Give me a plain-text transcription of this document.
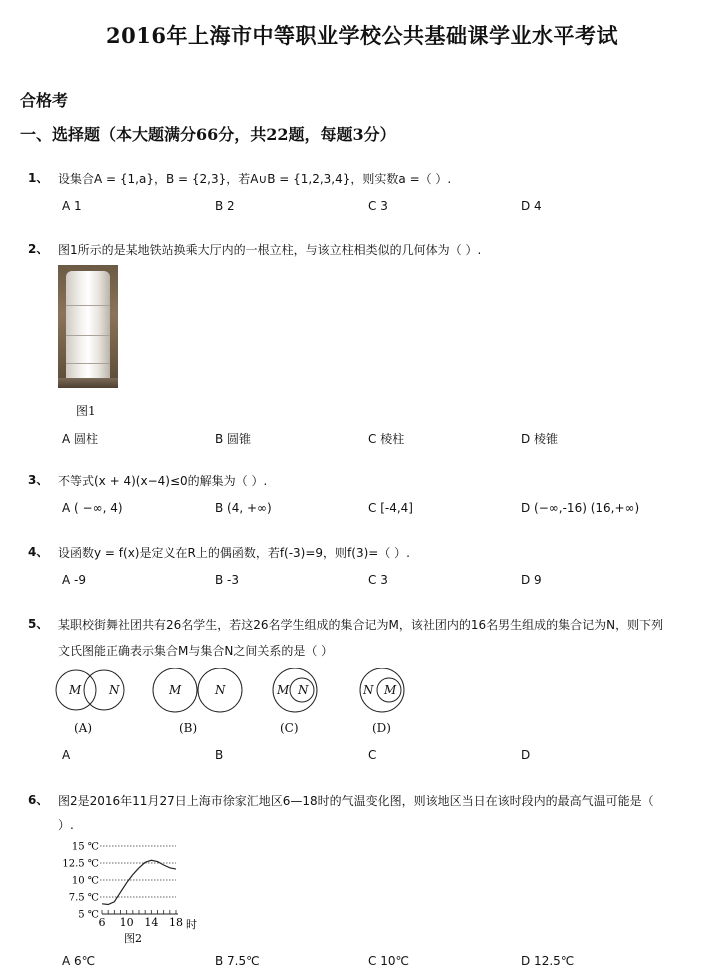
2016年上海市中等职业学校公共基础课学业水平考试
合格考
一、选择题（本大题满分66分，共22题，每题3分）
1、 设集合A = {1,a}，B = {2,3}，若A∪B = {1,2,3,4}，则实数a =（ ）.
A 1	B 2	C 3	D 4
2、 图1所示的是某地铁站换乘大厅内的一根立柱，与该立柱相类似的几何体为（ ）.
图1
A 圆柱	B 圆锥	C 棱柱	D 棱锥
3、 不等式(x + 4)(x−4)≤0的解集为（ ）.
A ( −∞, 4)	B (4, +∞)	C [-4,4]	D (−∞,-16) (16,+∞)
4、 设函数y = f(x)是定义在R上的偶函数，若f(-3)=9，则f(3)=（ ）.
A -9	B -3	C 3	D 9
5、 某职校街舞社团共有26名学生，若这26名学生组成的集合记为M，该社团内的16名男生组成的集合记为N，则下列
文氏图能正确表示集合M与集合N之间关系的是（ ）
M N	M	N	M N	N M
(A)	(B)	(C)	(D)
A	B	C	D
6、 图2是2016年11月27日上海市徐家汇地区6—18时的气温变化图，则该地区当日在该时段内的最高气温可能是（
）.
5 ℃
7.5 ℃
10 ℃
12.5 ℃
15 ℃
6 10 14 18 时
图2
A 6℃	B 7.5℃	C 10℃	D 12.5℃
